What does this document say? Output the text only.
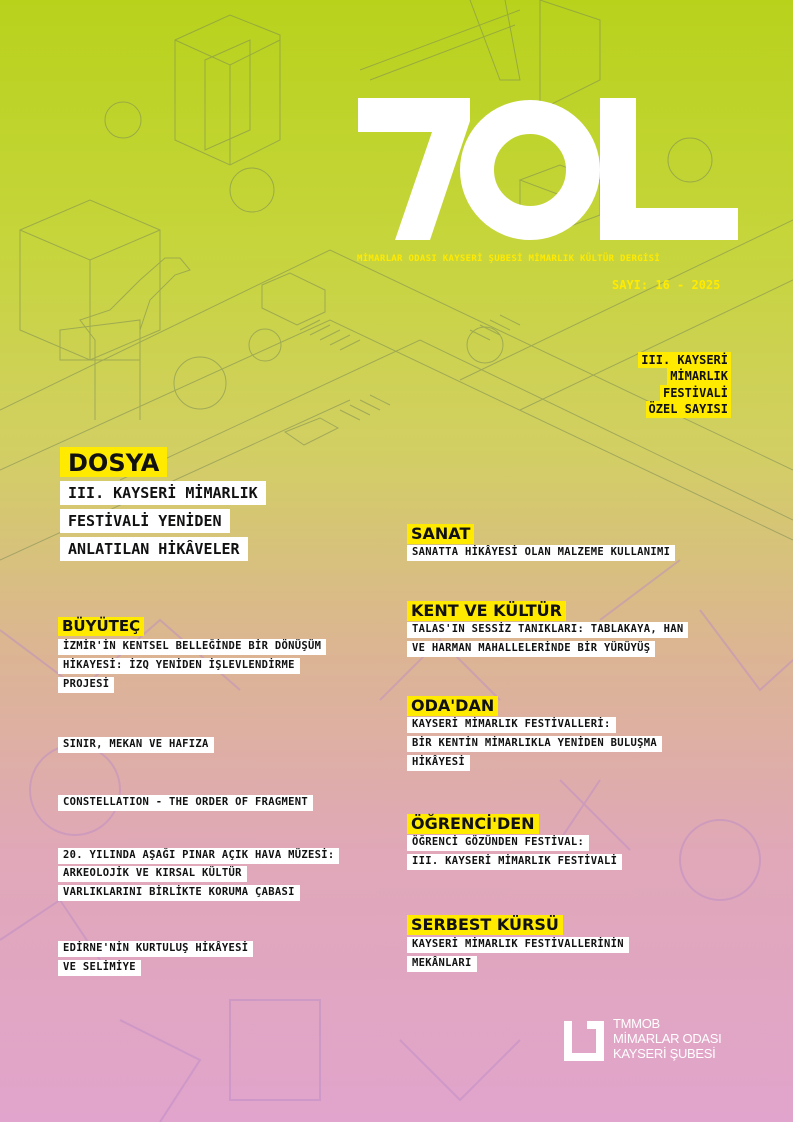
MİMARLAR ODASI KAYSERİ ŞUBESİ MİMARLIK KÜLTÜR DERGİSİ
SAYI: 16 - 2025
III. KAYSERİ
MİMARLIK
FESTİVALİ
ÖZEL SAYISI
DOSYA
III. KAYSERİ MİMARLIK
FESTİVALİ YENİDEN
ANLATILAN HİKÂVELER
BÜYÜTEÇ
İZMİR'İN KENTSEL BELLEĞİNDE BİR DÖNÜŞÜM
HİKAYESİ: İZQ YENİDEN İŞLEVLENDİRME
PROJESİ
SINIR, MEKAN VE HAFIZA
CONSTELLATION - THE ORDER OF FRAGMENT
20. YILINDA AŞAĞI PINAR AÇIK HAVA MÜZESİ:
ARKEOLOJİK VE KIRSAL KÜLTÜR
VARLIKLARINI BİRLİKTE KORUMA ÇABASI
EDİRNE'NİN KURTULUŞ HİKÂYESİ
VE SELİMİYE
SANAT
SANATTA HİKÂYESİ OLAN MALZEME KULLANIMI
KENT VE KÜLTÜR
TALAS'IN SESSİZ TANIKLARI: TABLAKAYA, HAN
VE HARMAN MAHALLELERİNDE BİR YÜRÜYÜŞ
ODA'DAN
KAYSERİ MİMARLIK FESTİVALLERİ:
BİR KENTİN MİMARLIKLA YENİDEN BULUŞMA
HİKÂYESİ
ÖĞRENCİ'DEN
ÖĞRENCİ GÖZÜNDEN FESTİVAL:
III. KAYSERİ MİMARLIK FESTİVALİ
SERBEST KÜRSÜ
KAYSERİ MİMARLIK FESTİVALLERİNİN
MEKÂNLARI
TMMOB
MİMARLAR ODASI
KAYSERİ ŞUBESİ
